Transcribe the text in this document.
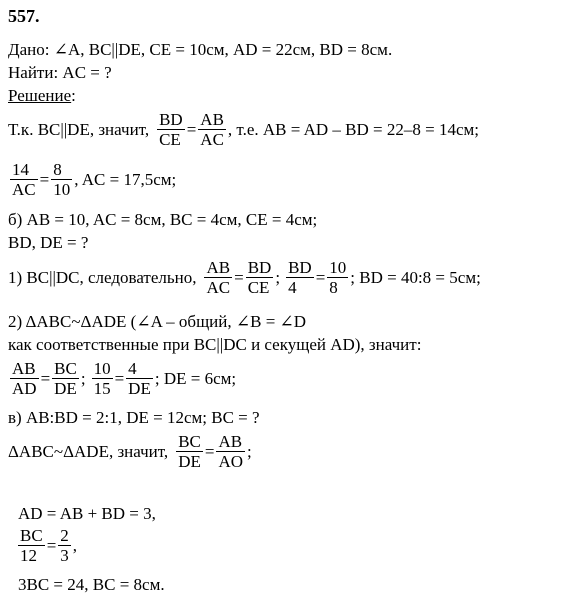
557.
Дано: ∠A, BC||DE, CE = 10см, AD = 22см, BD = 8см.
Найти: AC = ?
Решение :
Т.к. BC||DE, значит, $\frac{BD}{CE} = \frac{AB}{AC}$ , т.е. AB = AD – BD = 22–8 = 14см;
$\frac{14}{AC} = \frac{8}{10}$ , AC = 17,5см;
б) AB = 10, AC = 8см, BC = 4см, CE = 4см;
BD, DE = ?
1) BC||DC, следовательно, $\frac{AB}{AC} = \frac{BD}{CE}$ ; $\frac{BD}{4} = \frac{10}{8}$ ; BD = 40:8 = 5см;
2) ΔABC~ΔADE (∠A – общий, ∠B = ∠D
как соответственные при BC||DC и секущей AD), значит:
$\frac{AB}{AD} = \frac{BC}{DE}$ ; $\frac{10}{15} = \frac{4}{DE}$ ; DE = 6см;
в) AB:BD = 2:1, DE = 12см; BC = ?
ΔABC~ΔADE, значит, $\frac{BC}{DE} = \frac{AB}{AO}$ ;
AD = AB + BD = 3,
$\frac{BC}{12} = \frac{2}{3}$ ,
3BC = 24, BC = 8см.
